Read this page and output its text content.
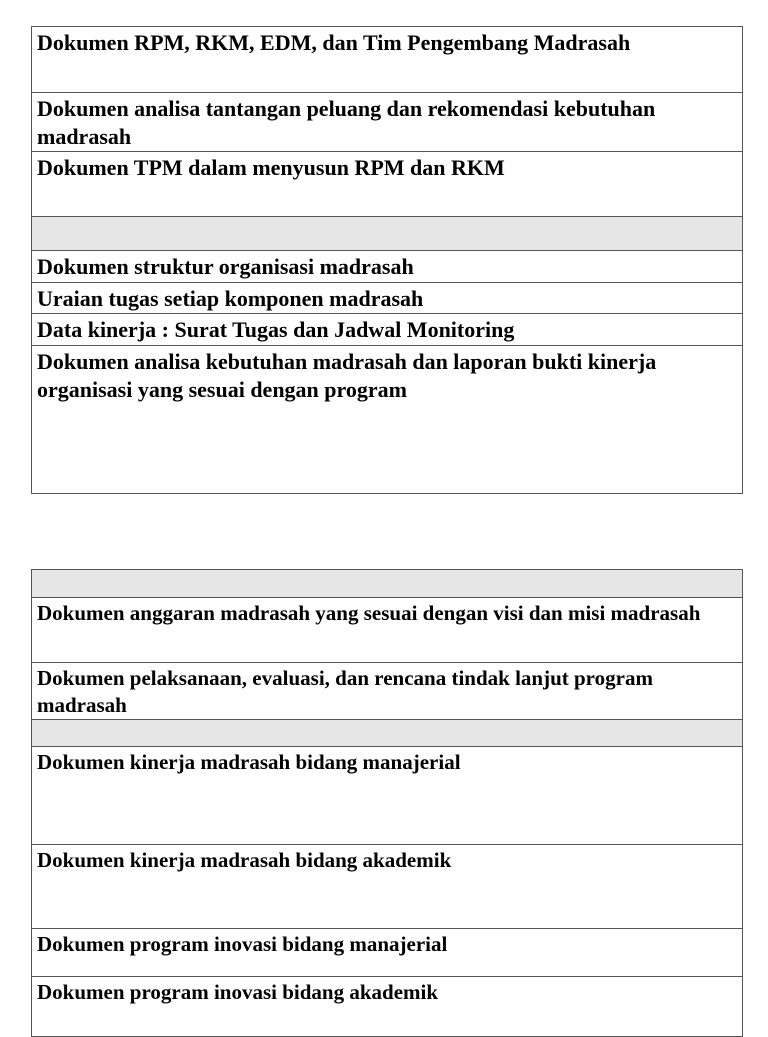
Dokumen RPM, RKM, EDM, dan Tim Pengembang Madrasah
Dokumen analisa tantangan peluang dan rekomendasi kebutuhan madrasah
Dokumen TPM dalam menyusun RPM dan RKM
Dokumen struktur organisasi madrasah
Uraian tugas setiap komponen madrasah
Data kinerja : Surat Tugas dan Jadwal Monitoring
Dokumen analisa kebutuhan madrasah dan laporan bukti kinerja organisasi yang sesuai dengan program
Dokumen anggaran madrasah yang sesuai dengan visi dan misi madrasah
Dokumen pelaksanaan, evaluasi, dan rencana tindak lanjut program madrasah
Dokumen kinerja madrasah bidang manajerial
Dokumen kinerja madrasah bidang akademik
Dokumen program inovasi bidang manajerial
Dokumen program inovasi bidang akademik
